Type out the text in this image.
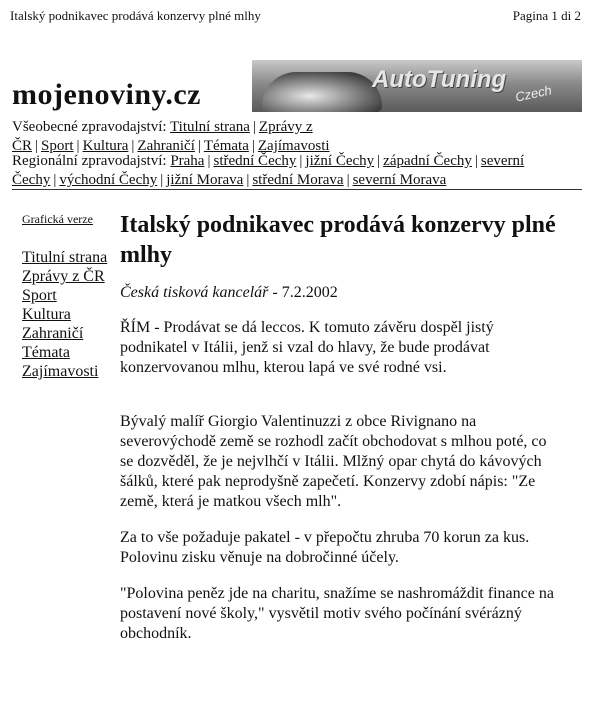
Italský podnikavec prodává konzervy plné mlhy	Pagina 1 di 2
mojenoviny.cz	AutoTuning
Czech
Všeobecné zpravodajství: Titulní strana | Zprávy z ČR | Sport | Kultura | Zahraničí | Témata | Zajímavosti
Regionální zpravodajství: Praha | střední Čechy | jižní Čechy | západní Čechy | severní Čechy | východní Čechy | jižní Morava | střední Morava | severní Morava
Grafická verze
Titulní strana
Zprávy z ČR
Sport
Kultura
Zahraničí
Témata
Zajímavosti
Italský podnikavec prodává konzervy plné mlhy
Česká tisková kancelář - 7.2.2002
ŘÍM - Prodávat se dá leccos. K tomuto závěru dospěl jistý podnikatel v Itálii, jenž si vzal do hlavy, že bude prodávat konzervovanou mlhu, kterou lapá ve své rodné vsi.
Bývalý malíř Giorgio Valentinuzzi z obce Rivignano na severovýchodě země se rozhodl začít obchodovat s mlhou poté, co se dozvěděl, že je nejvlhčí v Itálii. Mlžný opar chytá do kávových šálků, které pak neprodyšně zapečetí. Konzervy zdobí nápis: "Ze země, která je matkou všech mlh".
Za to vše požaduje pakatel - v přepočtu zhruba 70 korun za kus. Polovinu zisku věnuje na dobročinné účely.
"Polovina peněz jde na charitu, snažíme se nashromáždit finance na postavení nové školy," vysvětil motiv svého počínání svérázný obchodník.
